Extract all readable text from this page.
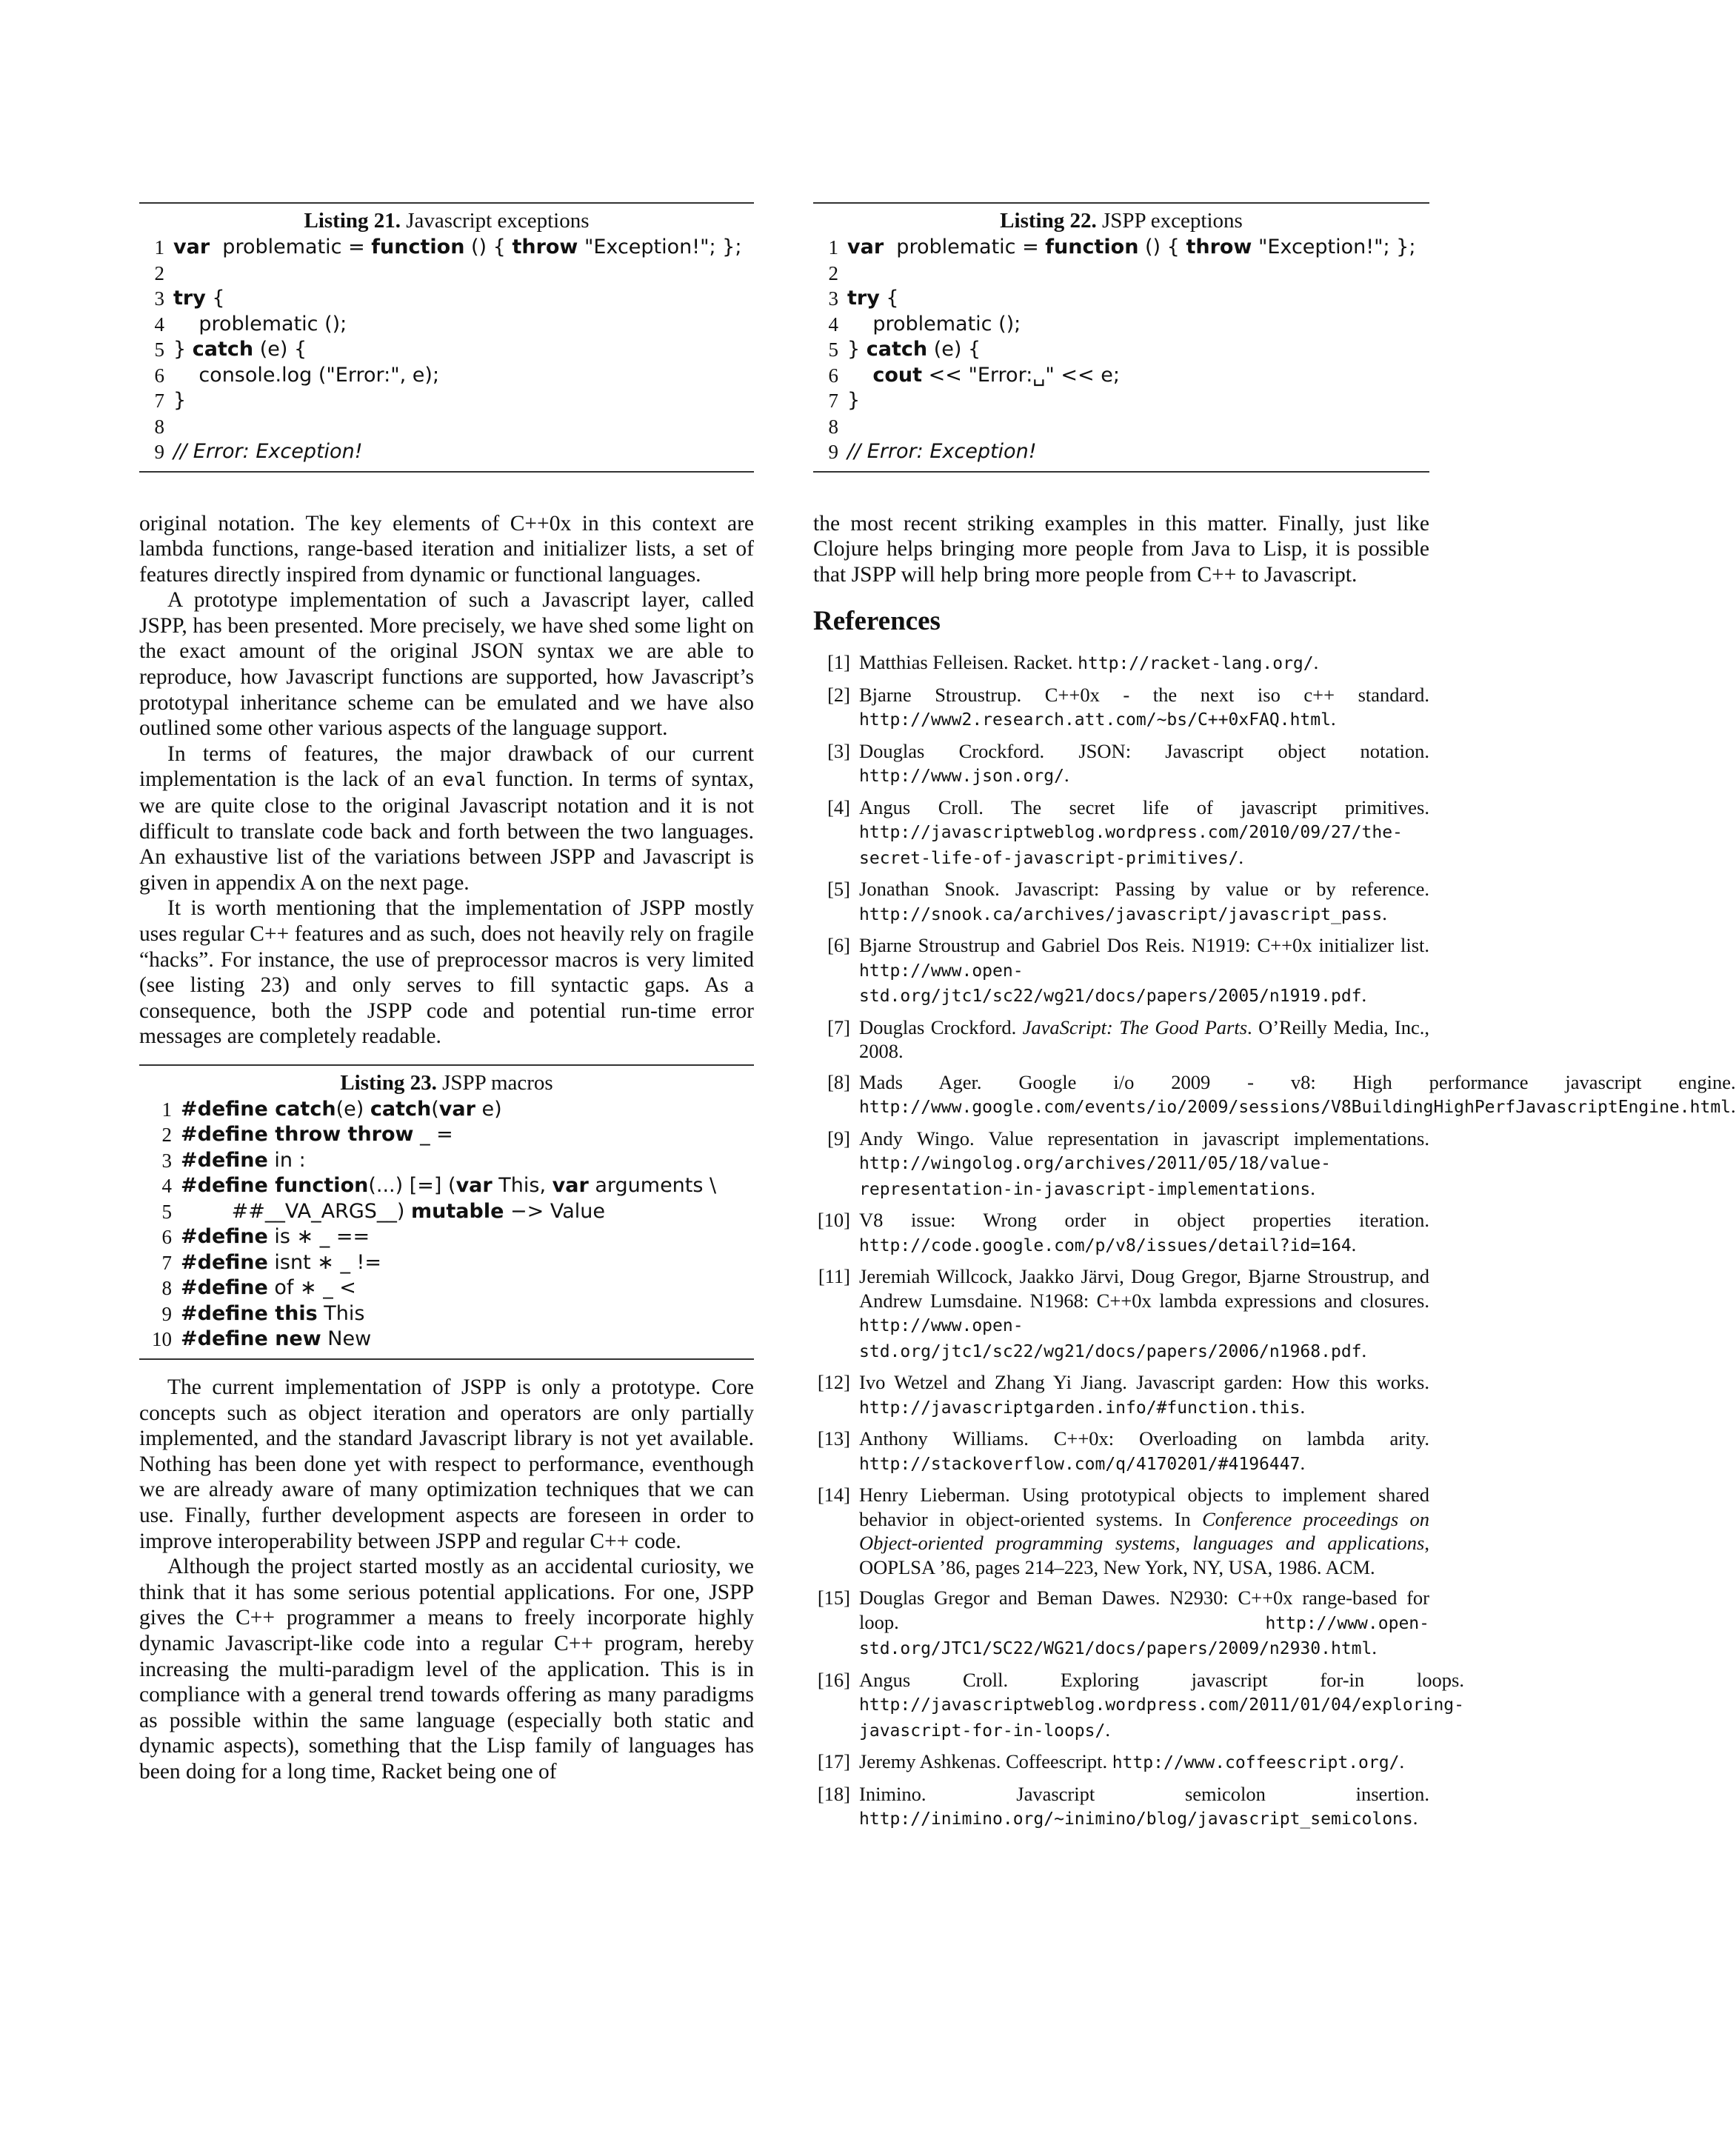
Listing 21. Javascript exceptions
1 var  problematic = function () { throw "Exception!"; };
2
3 try {
4 problematic ();
5 } catch (e) {
6 console.log ("Error:", e);
7 }
8
9 // Error: Exception!

original notation. The key elements of C++0x in this context are lambda functions, range-based iteration and initializer lists, a set of features directly inspired from dynamic or functional languages.

A prototype implementation of such a Javascript layer, called JSPP, has been presented. More precisely, we have shed some light on the exact amount of the original JSON syntax we are able to reproduce, how Javascript functions are supported, how Javascript’s prototypal inheritance scheme can be emulated and we have also outlined some other various aspects of the language support.

In terms of features, the major drawback of our current implementation is the lack of an eval function. In terms of syntax, we are quite close to the original Javascript notation and it is not difficult to translate code back and forth between the two languages. An exhaustive list of the variations between JSPP and Javascript is given in appendix A on the next page.

It is worth mentioning that the implementation of JSPP mostly uses regular C++ features and as such, does not heavily rely on fragile “hacks”. For instance, the use of preprocessor macros is very limited (see listing 23) and only serves to fill syntactic gaps. As a consequence, both the JSPP code and potential run-time error messages are completely readable.

Listing 23. JSPP macros
1 #define catch(e) catch(var e)
2 #define throw throw _ =
3 #define in :
4 #define function(...) [=] (var This, var arguments \
5 ##__VA_ARGS__) mutable −> Value
6 #define is ∗ _ ==
7 #define isnt ∗ _ !=
8 #define of ∗ _ <
9 #define this This
10 #define new New

The current implementation of JSPP is only a prototype. Core concepts such as object iteration and operators are only partially implemented, and the standard Javascript library is not yet available. Nothing has been done yet with respect to performance, eventhough we are already aware of many optimization techniques that we can use. Finally, further development aspects are foreseen in order to improve interoperability between JSPP and regular C++ code.

Although the project started mostly as an accidental curiosity, we think that it has some serious potential applications. For one, JSPP gives the C++ programmer a means to freely incorporate highly dynamic Javascript-like code into a regular C++ program, hereby increasing the multi-paradigm level of the application. This is in compliance with a general trend towards offering as many paradigms as possible within the same language (especially both static and dynamic aspects), something that the Lisp family of languages has been doing for a long time, Racket being one of

Listing 22. JSPP exceptions
1 var  problematic = function () { throw "Exception!"; };
2
3 try {
4 problematic ();
5 } catch (e) {
6	cout << "Error:␣" << e;
7 }
8
9 // Error: Exception!

the most recent striking examples in this matter. Finally, just like Clojure helps bringing more people from Java to Lisp, it is possible that JSPP will help bring more people from C++ to Javascript.

References
[1] Matthias Felleisen. Racket. http://racket-lang.org/.
[2] Bjarne Stroustrup. C++0x - the next iso c++ standard. http://www2.research.att.com/~bs/C++0xFAQ.html.
[3] Douglas Crockford. JSON: Javascript object notation. http://www.json.org/.
[4] Angus Croll. The secret life of javascript primitives. http://javascriptweblog.wordpress.com/2010/09/27/the-secret-life-of-javascript-primitives/.
[5] Jonathan Snook. Javascript: Passing by value or by reference. http://snook.ca/archives/javascript/javascript_pass.
[6] Bjarne Stroustrup and Gabriel Dos Reis. N1919: C++0x initializer list. http://www.open-std.org/jtc1/sc22/wg21/docs/papers/2005/n1919.pdf.
[7] Douglas Crockford. JavaScript: The Good Parts. O’Reilly Media, Inc., 2008.
[8] Mads Ager. Google i/o 2009 - v8: High performance javascript engine. http://www.google.com/events/io/2009/sessions/V8BuildingHighPerfJavascriptEngine.html.
[9] Andy Wingo. Value representation in javascript implementations. http://wingolog.org/archives/2011/05/18/value-representation-in-javascript-implementations.
[10] V8 issue: Wrong order in object properties iteration. http://code.google.com/p/v8/issues/detail?id=164.
[11] Jeremiah Willcock, Jaakko Järvi, Doug Gregor, Bjarne Stroustrup, and Andrew Lumsdaine. N1968: C++0x lambda expressions and closures. http://www.open-std.org/jtc1/sc22/wg21/docs/papers/2006/n1968.pdf.
[12] Ivo Wetzel and Zhang Yi Jiang. Javascript garden: How this works. http://javascriptgarden.info/#function.this.
[13] Anthony Williams. C++0x: Overloading on lambda arity. http://stackoverflow.com/q/4170201/#4196447.
[14] Henry Lieberman. Using prototypical objects to implement shared behavior in object-oriented systems. In Conference proceedings on Object-oriented programming systems, languages and applications, OOPLSA ’86, pages 214–223, New York, NY, USA, 1986. ACM.
[15] Douglas Gregor and Beman Dawes. N2930: C++0x range-based for loop. http://www.open-std.org/JTC1/SC22/WG21/docs/papers/2009/n2930.html.
[16] Angus Croll. Exploring javascript for-in loops. http://javascriptweblog.wordpress.com/2011/01/04/exploring-javascript-for-in-loops/.
[17] Jeremy Ashkenas. Coffeescript. http://www.coffeescript.org/.
[18] Inimino. Javascript semicolon insertion. http://inimino.org/~inimino/blog/javascript_semicolons.
